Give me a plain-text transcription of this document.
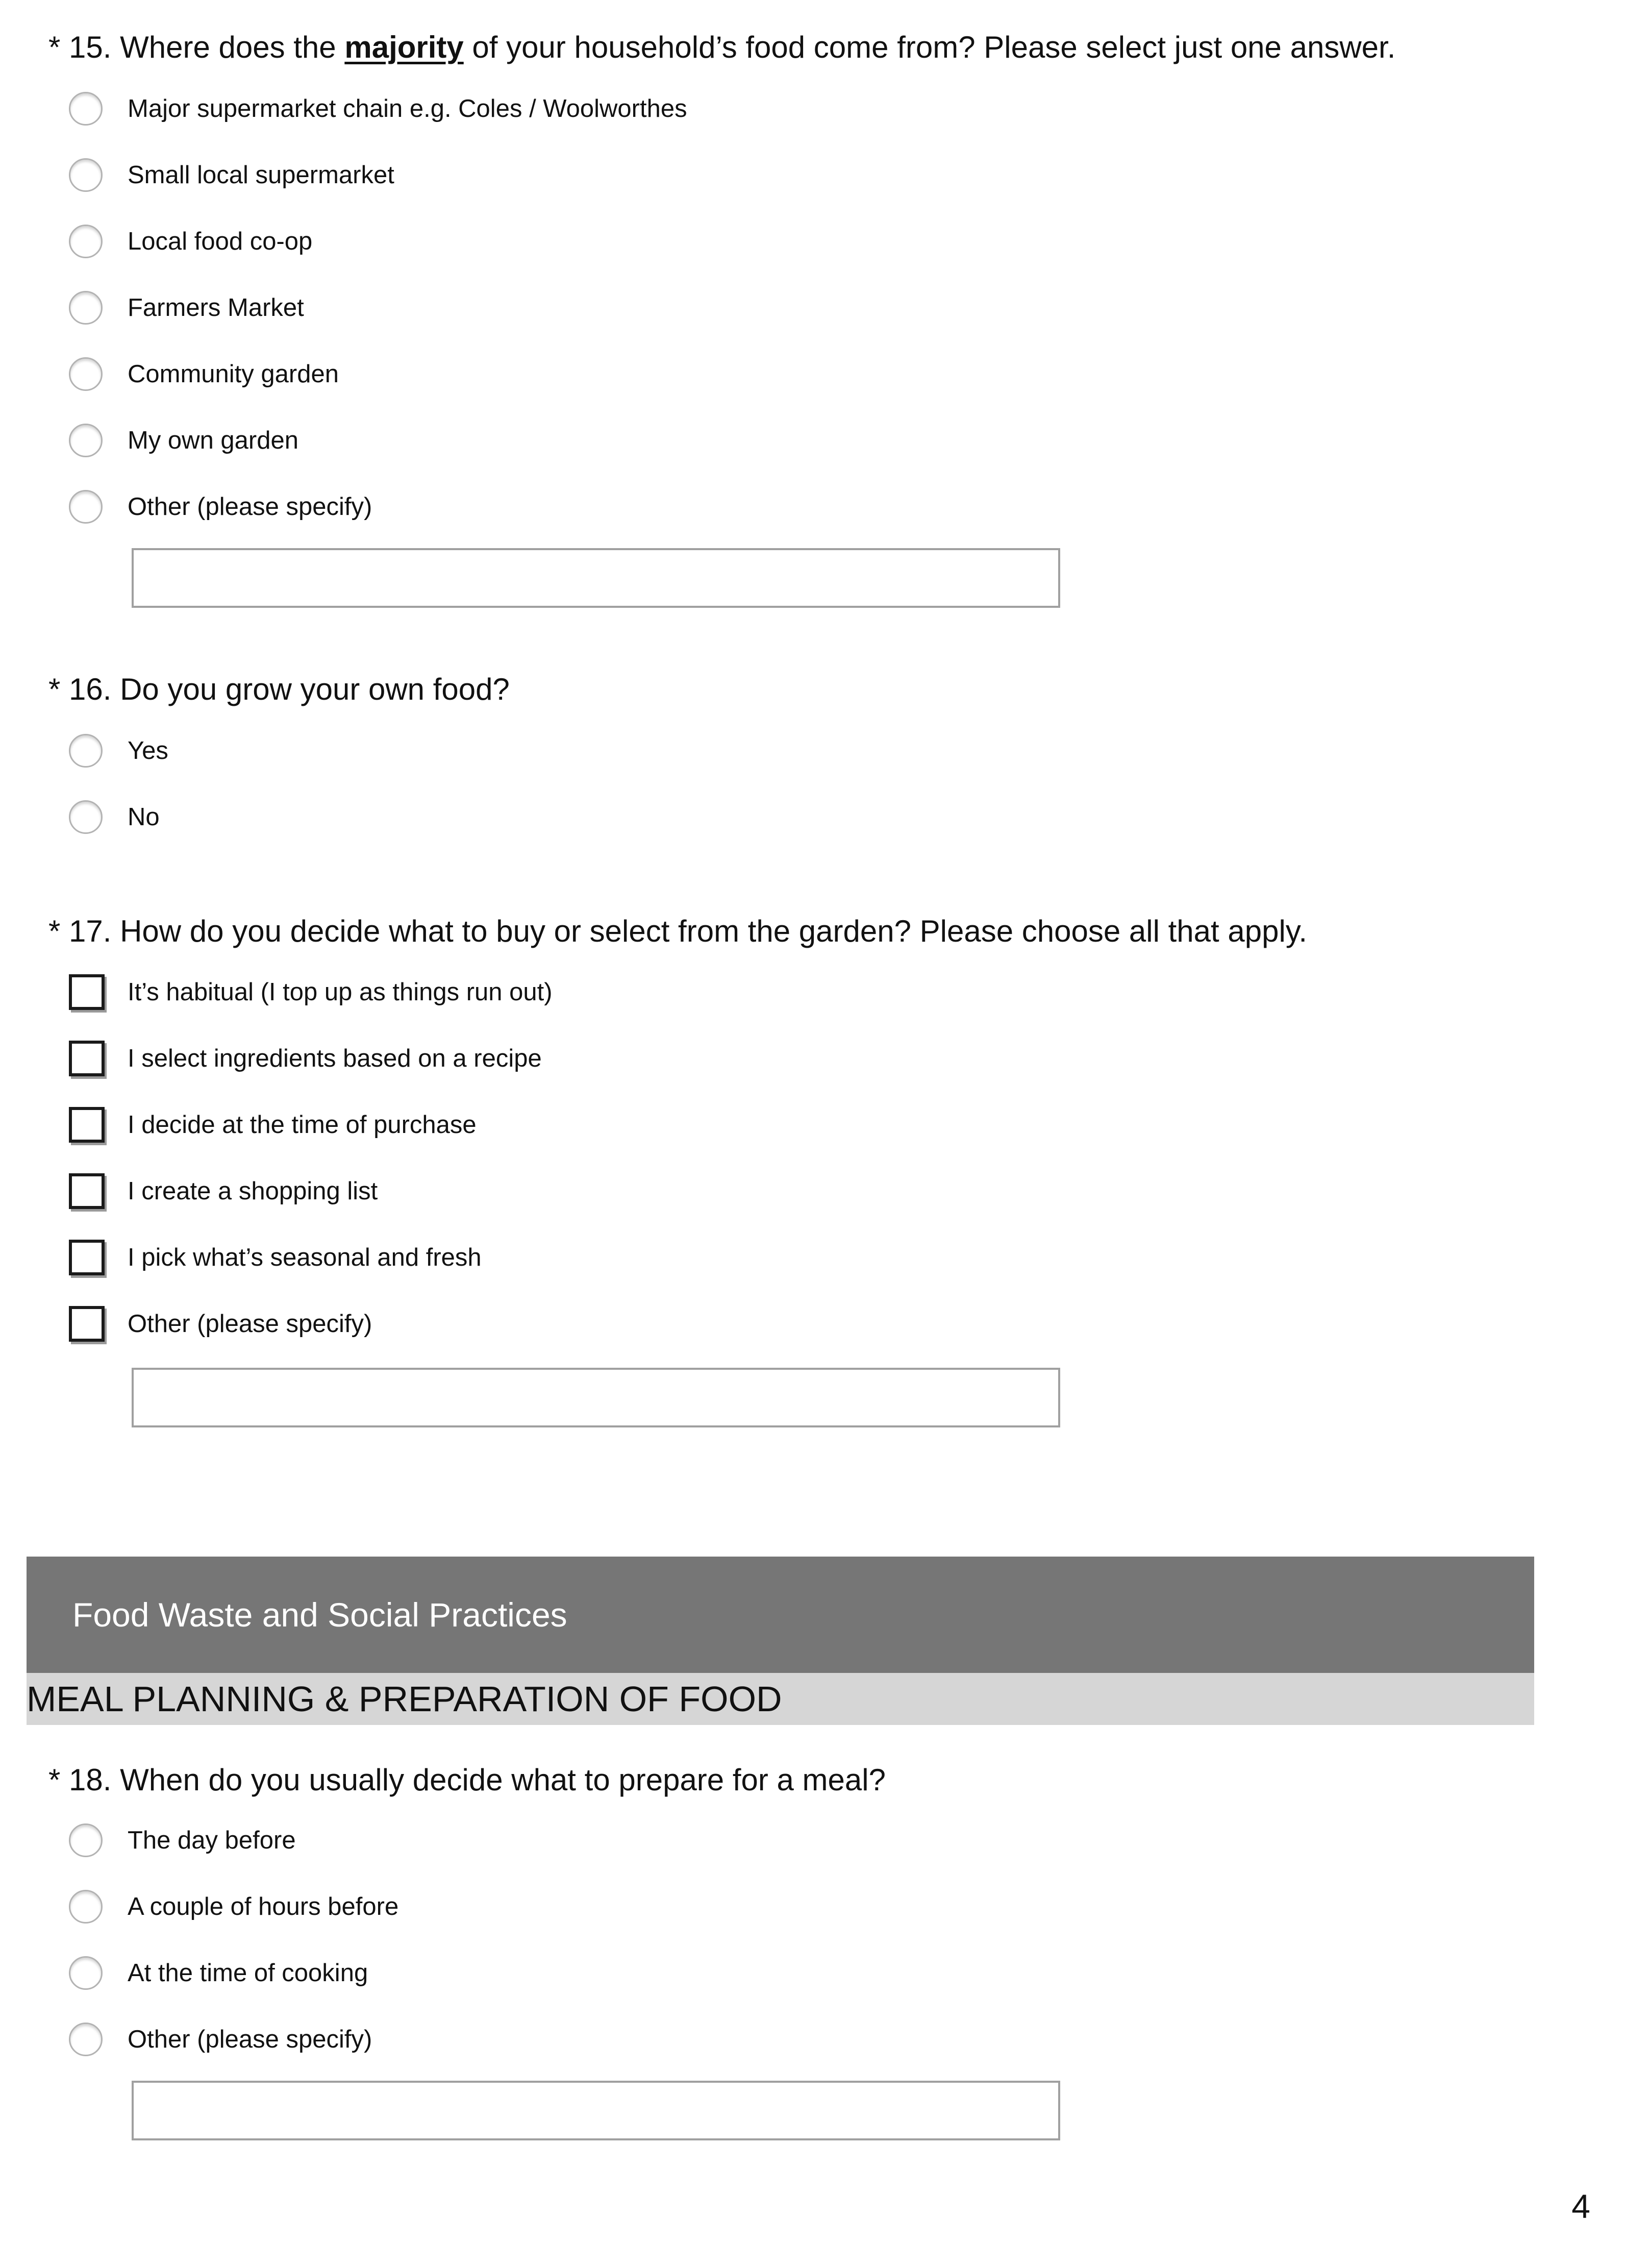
* 15. Where does the majority of your household’s food come from? Please select just one answer.
Major supermarket chain e.g. Coles / Woolworthes
Small local supermarket
Local food co-op
Farmers Market
Community garden
My own garden
Other (please specify)
* 16. Do you grow your own food?
Yes
No
* 17. How do you decide what to buy or select from the garden? Please choose all that apply.
It’s habitual (I top up as things run out)
I select ingredients based on a recipe
I decide at the time of purchase
I create a shopping list
I pick what’s seasonal and fresh
Other (please specify)
Food Waste and Social Practices
MEAL PLANNING & PREPARATION OF FOOD
* 18. When do you usually decide what to prepare for a meal?
The day before
A couple of hours before
At the time of cooking
Other (please specify)
4
